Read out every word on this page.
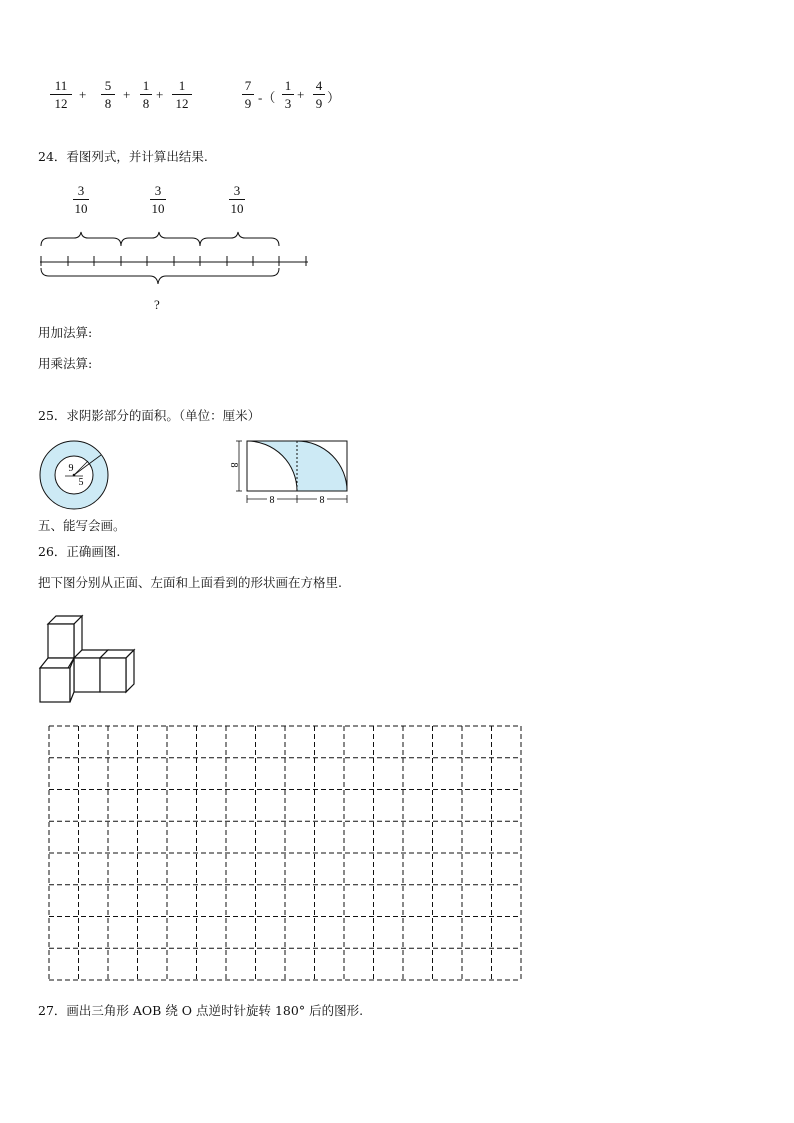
11
12
+
5
8
+
1
8
+
1
12
7
9 -（
1
3
+
4
9 ）
24．看图列式，并计算出结果.
3
10
3
10
3
10
?
用加法算:
用乘法算:
25．求阴影部分的面积。（单位：厘米）
9
5
8
8	8
五、能写会画。
26．正确画图.
把下图分别从正面、左面和上面看到的形状画在方格里.
27．画出三角形 AOB 绕 O 点逆时针旋转 180° 后的图形.
